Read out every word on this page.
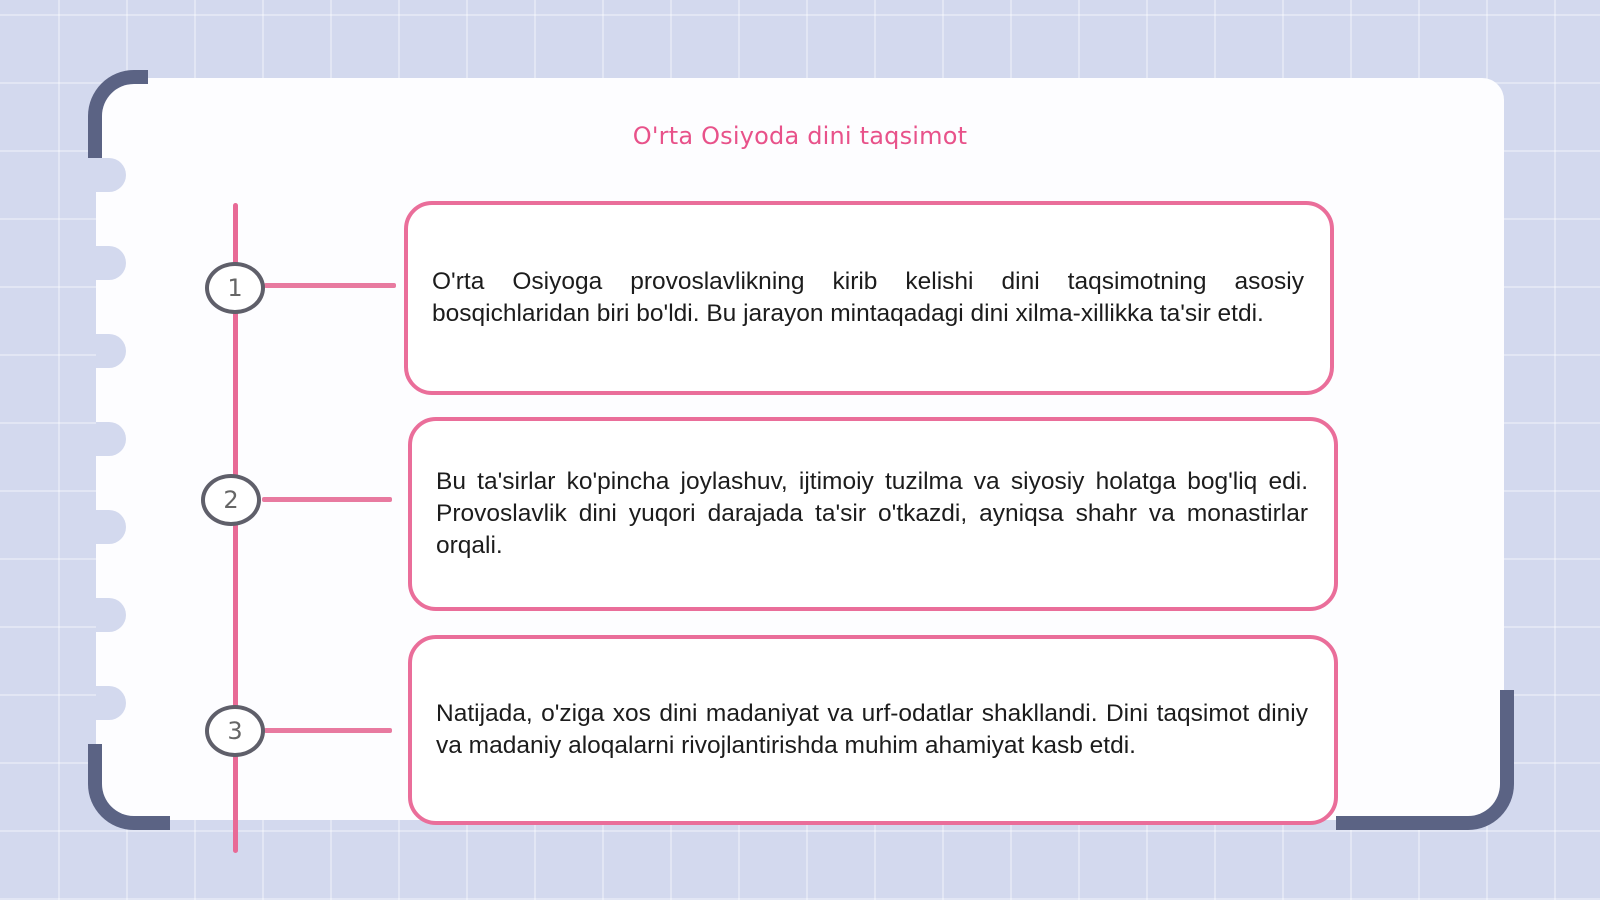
O'rta Osiyoda dini taqsimot
1	O'rta Osiyoga provoslavlikning kirib kelishi dini taqsimotning asosiy bosqichlaridan biri bo'ldi. Bu jarayon mintaqadagi dini xilma-xillikka ta'sir etdi.
2
Bu ta'sirlar ko'pincha joylashuv, ijtimoiy tuzilma va siyosiy holatga bog'liq edi. Provoslavlik dini yuqori darajada ta'sir o'tkazdi, ayniqsa shahr va monastirlar orqali.
3
Natijada, o'ziga xos dini madaniyat va urf-odatlar shakllandi. Dini taqsimot diniy va madaniy aloqalarni rivojlantirishda muhim ahamiyat kasb etdi.
